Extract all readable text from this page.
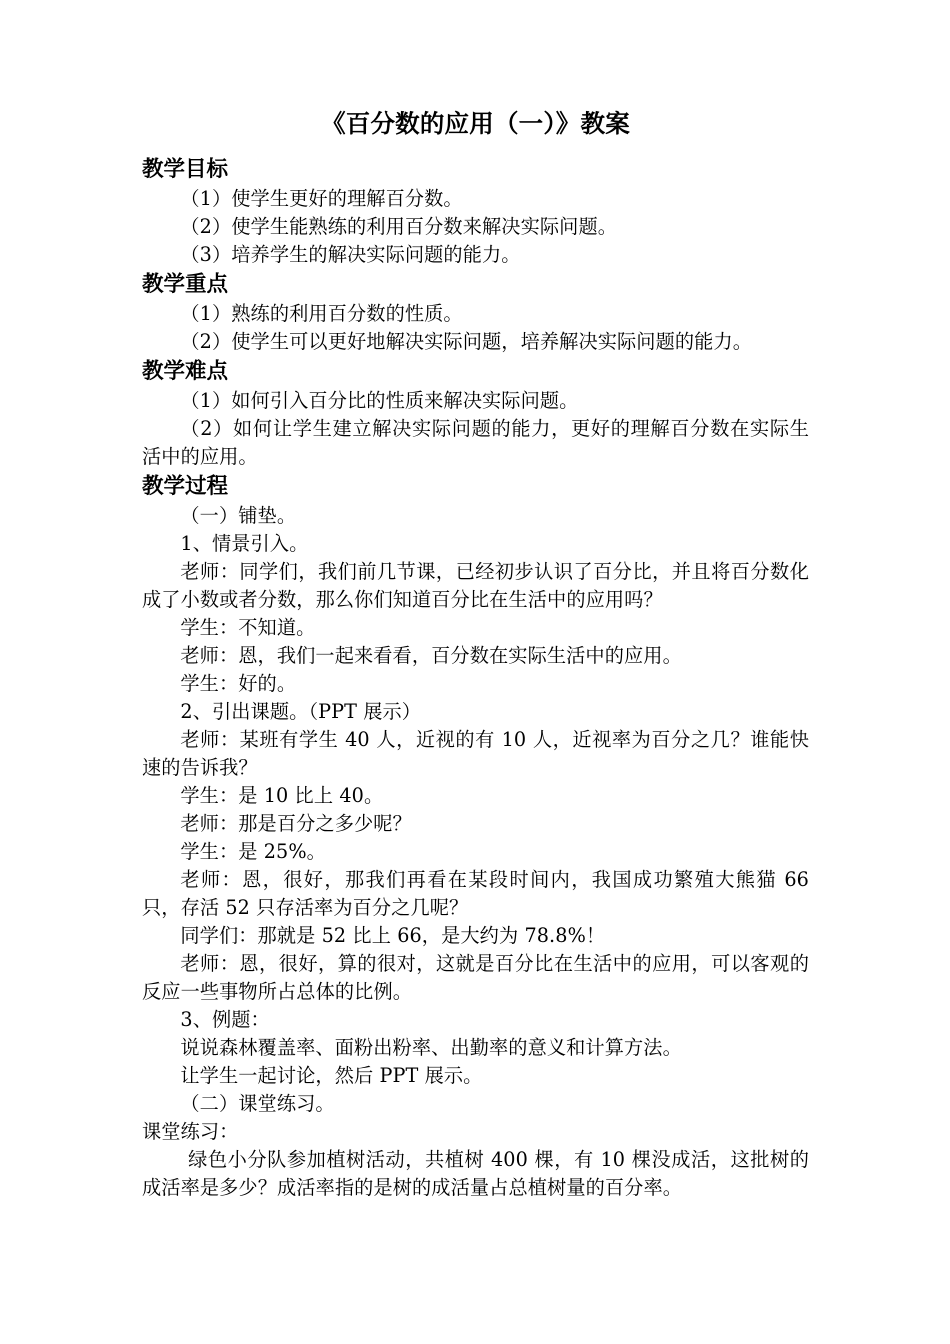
《百分数的应用（一）》教案
教学目标

（1）使学生更好的理解百分数。

（2）使学生能熟练的利用百分数来解决实际问题。

（3）培养学生的解决实际问题的能力。

教学重点

（1）熟练的利用百分数的性质。

（2）使学生可以更好地解决实际问题，培养解决实际问题的能力。

教学难点

（1）如何引入百分比的性质来解决实际问题。

（2）如何让学生建立解决实际问题的能力，更好的理解百分数在实际生活中的应用。

教学过程

（一）铺垫。

1、情景引入。

老师：同学们，我们前几节课，已经初步认识了百分比，并且将百分数化成了小数或者分数，那么你们知道百分比在生活中的应用吗？

学生：不知道。

老师：恩，我们一起来看看，百分数在实际生活中的应用。

学生：好的。

2、引出课题。（PPT 展示）

老师：某班有学生 40 人，近视的有 10 人，近视率为百分之几？谁能快速的告诉我？

学生：是 10 比上 40。

老师：那是百分之多少呢？

学生：是 25%。

老师：恩，很好，那我们再看在某段时间内，我国成功繁殖大熊猫 66 只，存活 52 只存活率为百分之几呢？

同学们：那就是 52 比上 66，是大约为 78.8%！

老师：恩，很好，算的很对，这就是百分比在生活中的应用，可以客观的反应一些事物所占总体的比例。

3、例题：

说说森林覆盖率、面粉出粉率、出勤率的意义和计算方法。

让学生一起讨论，然后 PPT 展示。

（二）课堂练习。

课堂练习：

绿色小分队参加植树活动，共植树 400 棵，有 10 棵没成活，这批树的成活率是多少？成活率指的是树的成活量占总植树量的百分率。
